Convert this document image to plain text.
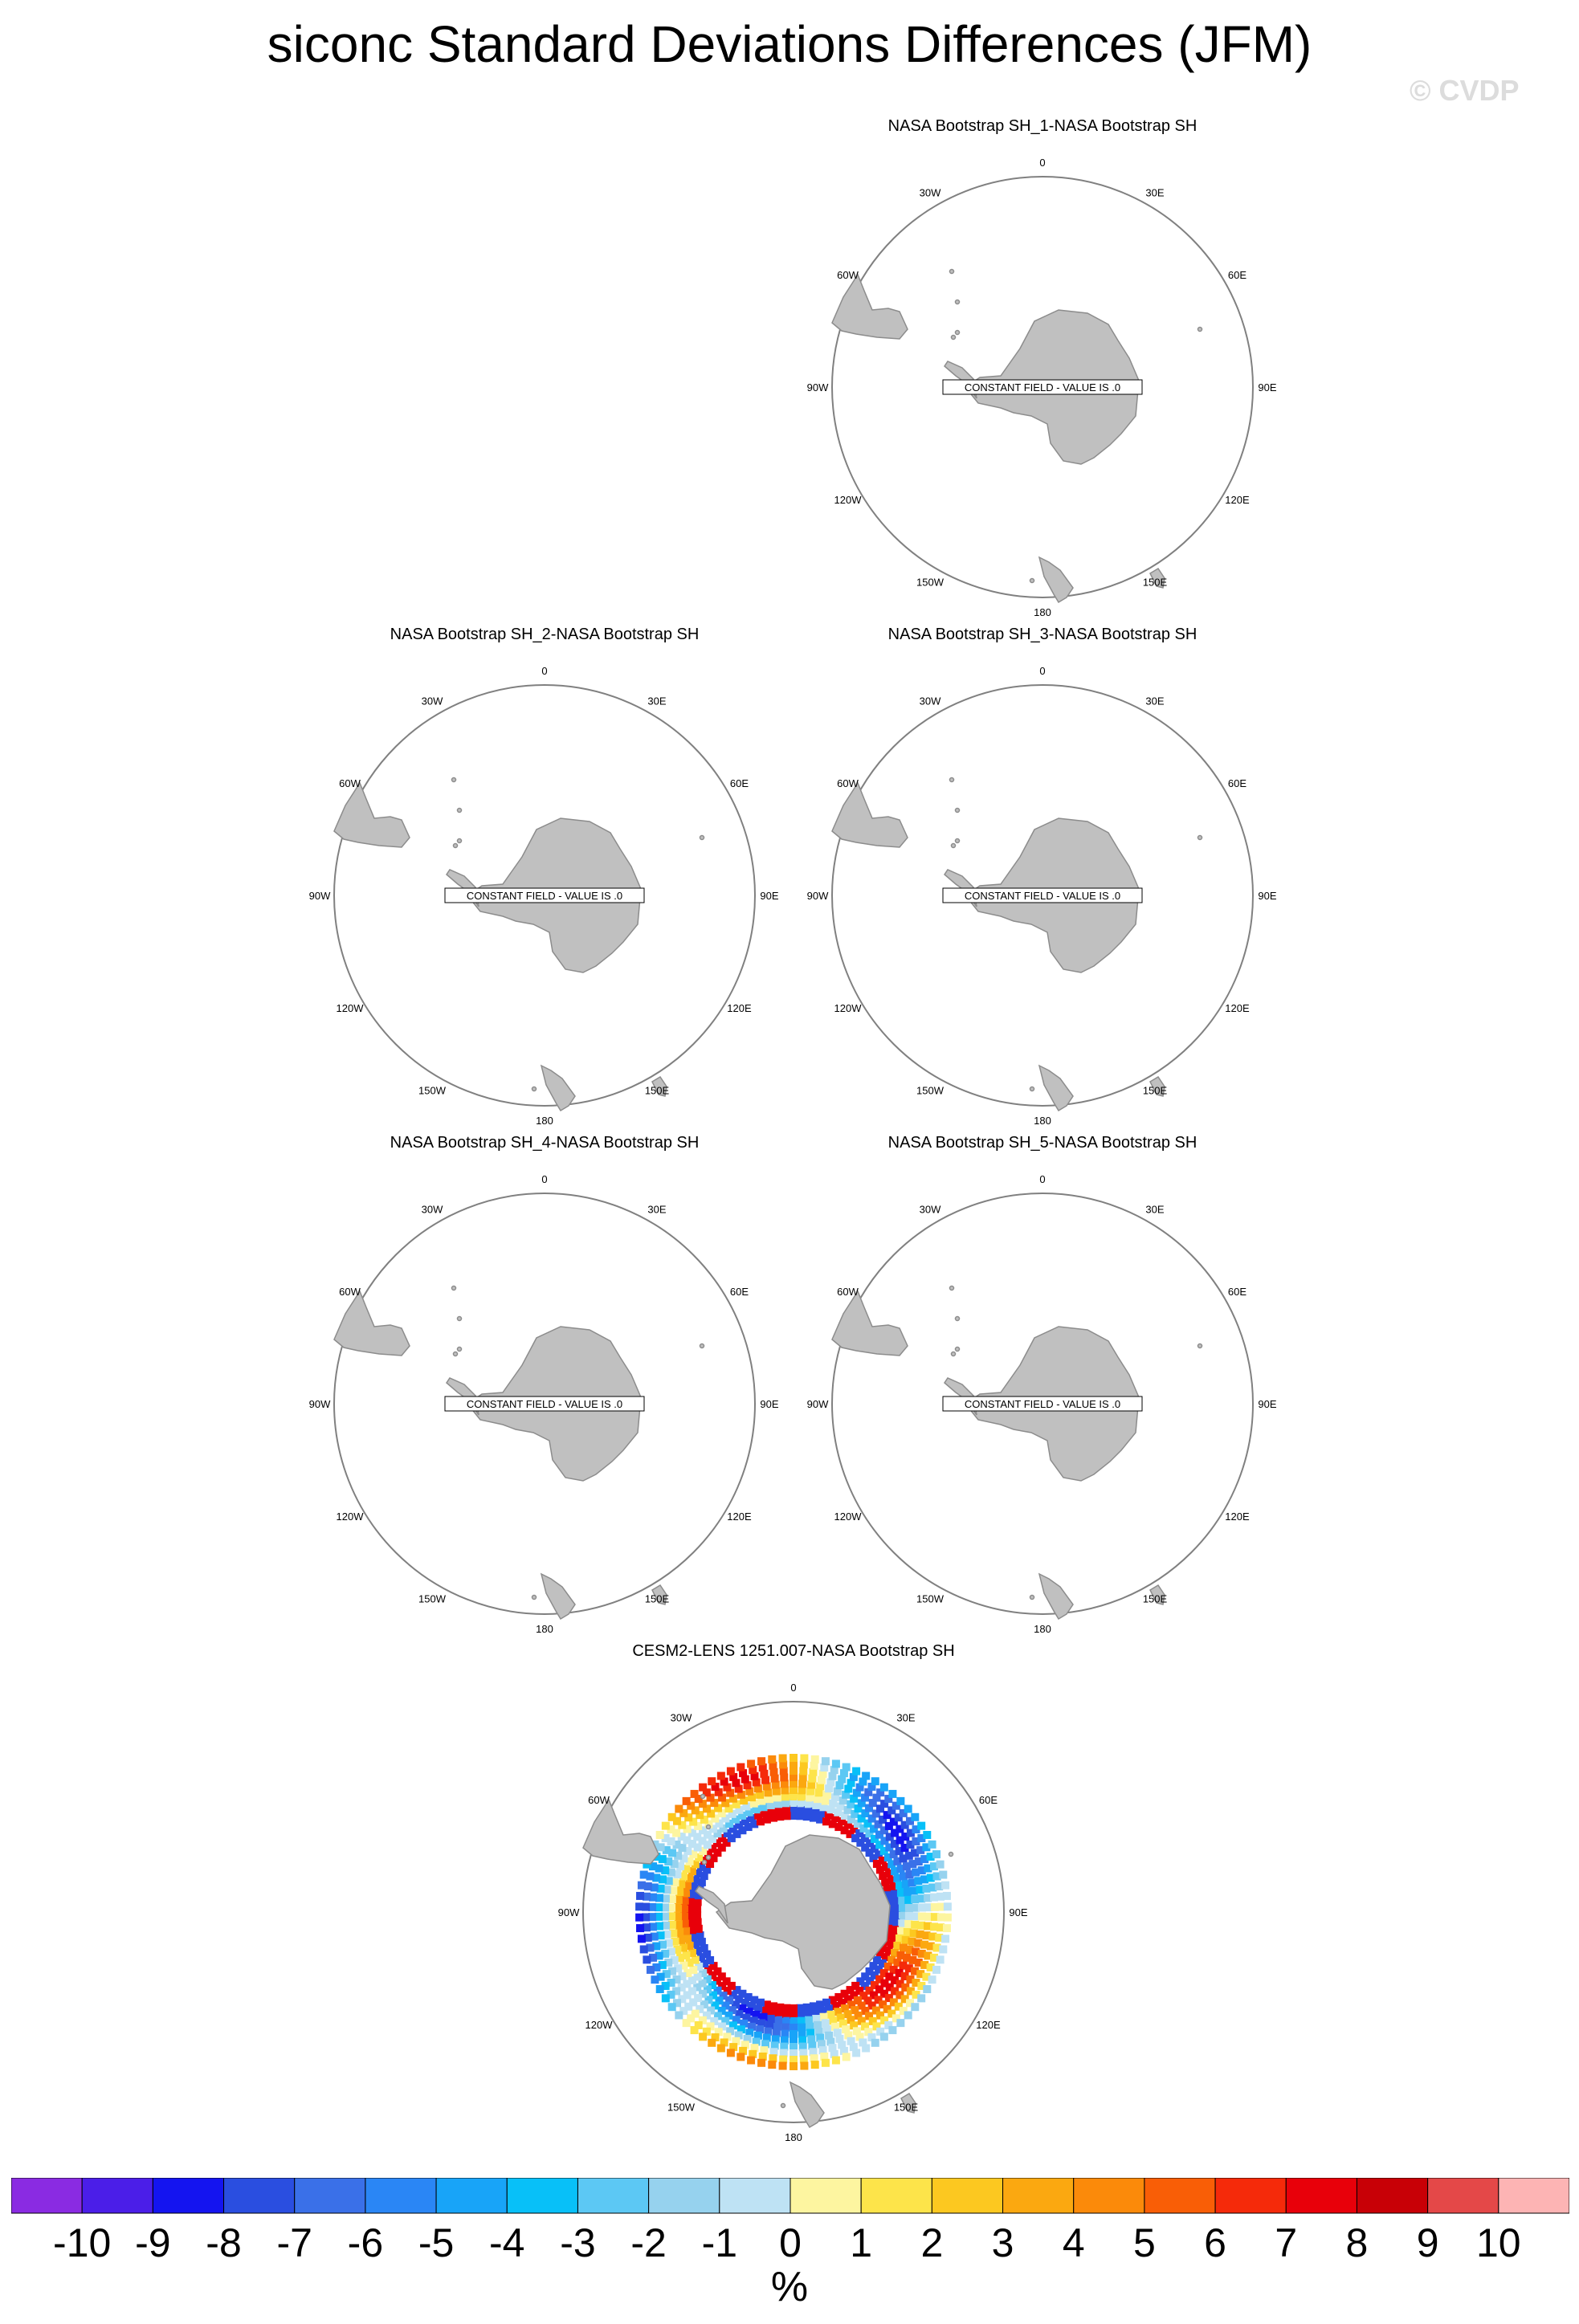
siconc Standard Deviations Differences (JFM)
© CVDP
NASA Bootstrap SH_1-NASA Bootstrap SH
0
30E
60E
90E
120E
150E
180
150W
120W
90W
60W
30W
CONSTANT FIELD - VALUE IS .0
NASA Bootstrap SH_2-NASA Bootstrap SH
0
30E
60E
90E
120E
150E
180
150W
120W
90W
60W
30W
CONSTANT FIELD - VALUE IS .0
NASA Bootstrap SH_3-NASA Bootstrap SH
0
30E
60E
90E
120E
150E
180
150W
120W
90W
60W
30W
CONSTANT FIELD - VALUE IS .0
NASA Bootstrap SH_4-NASA Bootstrap SH
0
30E
60E
90E
120E
150E
180
150W
120W
90W
60W
30W
CONSTANT FIELD - VALUE IS .0
NASA Bootstrap SH_5-NASA Bootstrap SH
0
30E
60E
90E
120E
150E
180
150W
120W
90W
60W
30W
CONSTANT FIELD - VALUE IS .0
CESM2-LENS 1251.007-NASA Bootstrap SH
0
30E
60E
90E
120E
150E
180
150W
120W
90W
60W
30W
-10 -9 -8 -7 -6 -5 -4 -3 -2 -1 0 1 2 3 4 5 6 7 8 9 10
%
